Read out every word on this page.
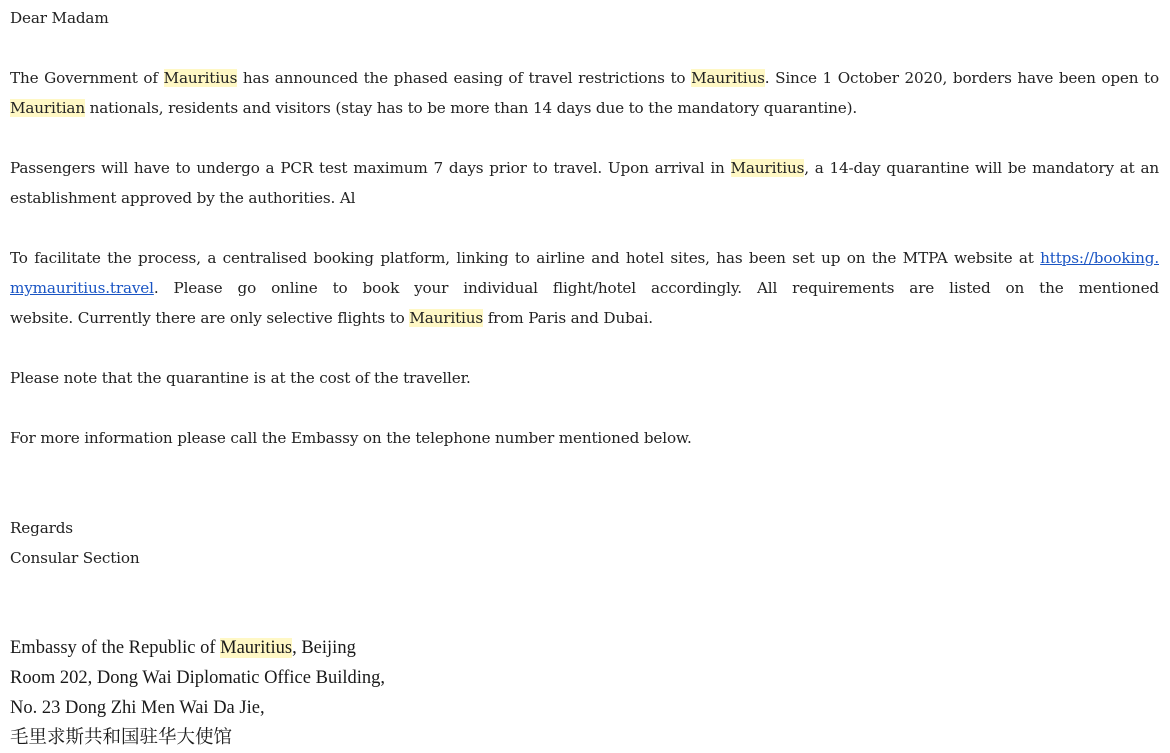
Dear Madam
The Government of Mauritius has announced the phased easing of travel restrictions to Mauritius. Since 1 October 2020, borders have been open to
Mauritian nationals, residents and visitors (stay has to be more than 14 days due to the mandatory quarantine).
Passengers will have to undergo a PCR test maximum 7 days prior to travel. Upon arrival in Mauritius, a 14-day quarantine will be mandatory at an
establishment approved by the authorities. Al
To facilitate the process, a centralised booking platform, linking to airline and hotel sites, has been set up on the MTPA website at https://booking.
mymauritius.travel. Please go online to book your individual flight/hotel accordingly. All requirements are listed on the mentioned
website. Currently there are only selective flights to Mauritius from Paris and Dubai.
Please note that the quarantine is at the cost of the traveller.
For more information please call the Embassy on the telephone number mentioned below.
Regards
Consular Section
Embassy of the Republic of Mauritius, Beijing
Room 202, Dong Wai Diplomatic Office Building,
No. 23 Dong Zhi Men Wai Da Jie,
毛里求斯共和国驻华大使馆
